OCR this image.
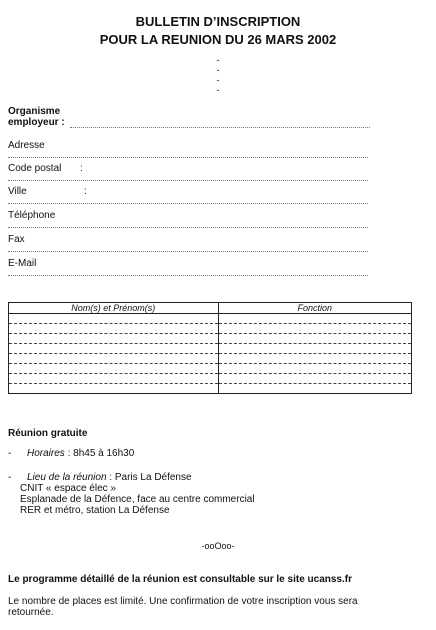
BULLETIN D’INSCRIPTION
POUR LA REUNION DU 26 MARS 2002
-
-
-
-
Organisme
employeur :
Adresse
Code postal :
Ville	:
Téléphone
Fax
E-Mail
Nom(s) et Prénom(s)	Fonction

Réunion gratuite
- Horaires : 8h45 à 16h30
- Lieu de la réunion : Paris La Défense
CNIT « espace élec »
Esplanade de la Défence, face au centre commercial
RER et métro, station La Défense
-ooOoo-
Le programme détaillé de la réunion est consultable sur le site ucanss.fr
Le nombre de places est limité. Une confirmation de votre inscription vous sera
retournée.
